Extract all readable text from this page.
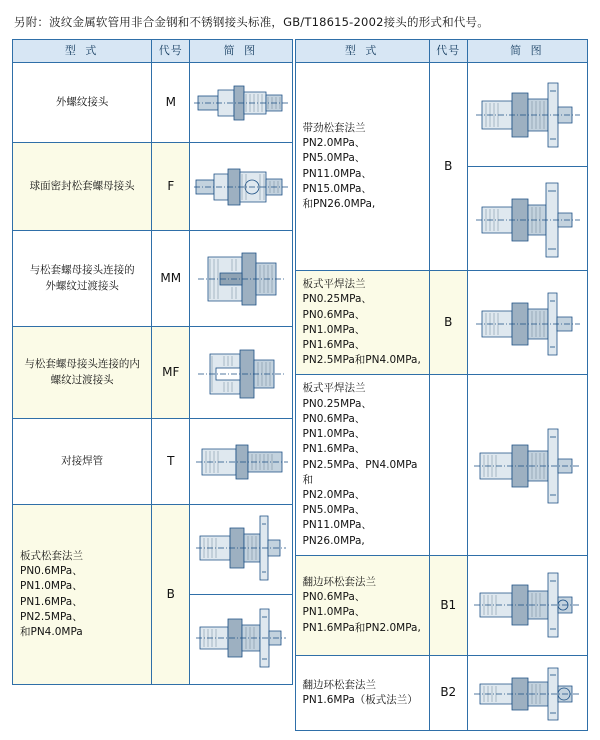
另附：波纹金属软管用非合金钢和不锈钢接头标准，GB/T18615-2002接头的形式和代号。
型 式	代号	简 图

外螺纹接头	M	

球面密封松套螺母接头	F	

与松套螺母接头连接的
外螺纹过渡接头	MM	

与松套螺母接头连接的内
螺纹过渡接头	MF	

对接焊管	T	

板式松套法兰
PN0.6MPa、PN1.0MPa、
PN1.6MPa、PN2.5MPa、
和PN4.0MPa	B	
型 式	代号	简 图

带劲松套法兰
PN2.0MPa、PN5.0MPa、
PN11.0MPa、PN15.0MPa、
和PN26.0MPa,	B	

板式平焊法兰
PN0.25MPa、PN0.6MPa、
PN1.0MPa、PN1.6MPa、
PN2.5MPa和PN4.0MPa,	B	

板式平焊法兰
PN0.25MPa、PN0.6MPa、
PN1.0MPa、PN1.6MPa、
PN2.5MPa、PN4.0MPa 和
PN2.0MPa、PN5.0MPa、
PN11.0MPa、PN26.0MPa,

翻边环松套法兰
PN0.6MPa、PN1.0MPa、
PN1.6MPa和PN2.0MPa,	B1	

翻边环松套法兰
PN1.6MPa（板式法兰）	B2	
